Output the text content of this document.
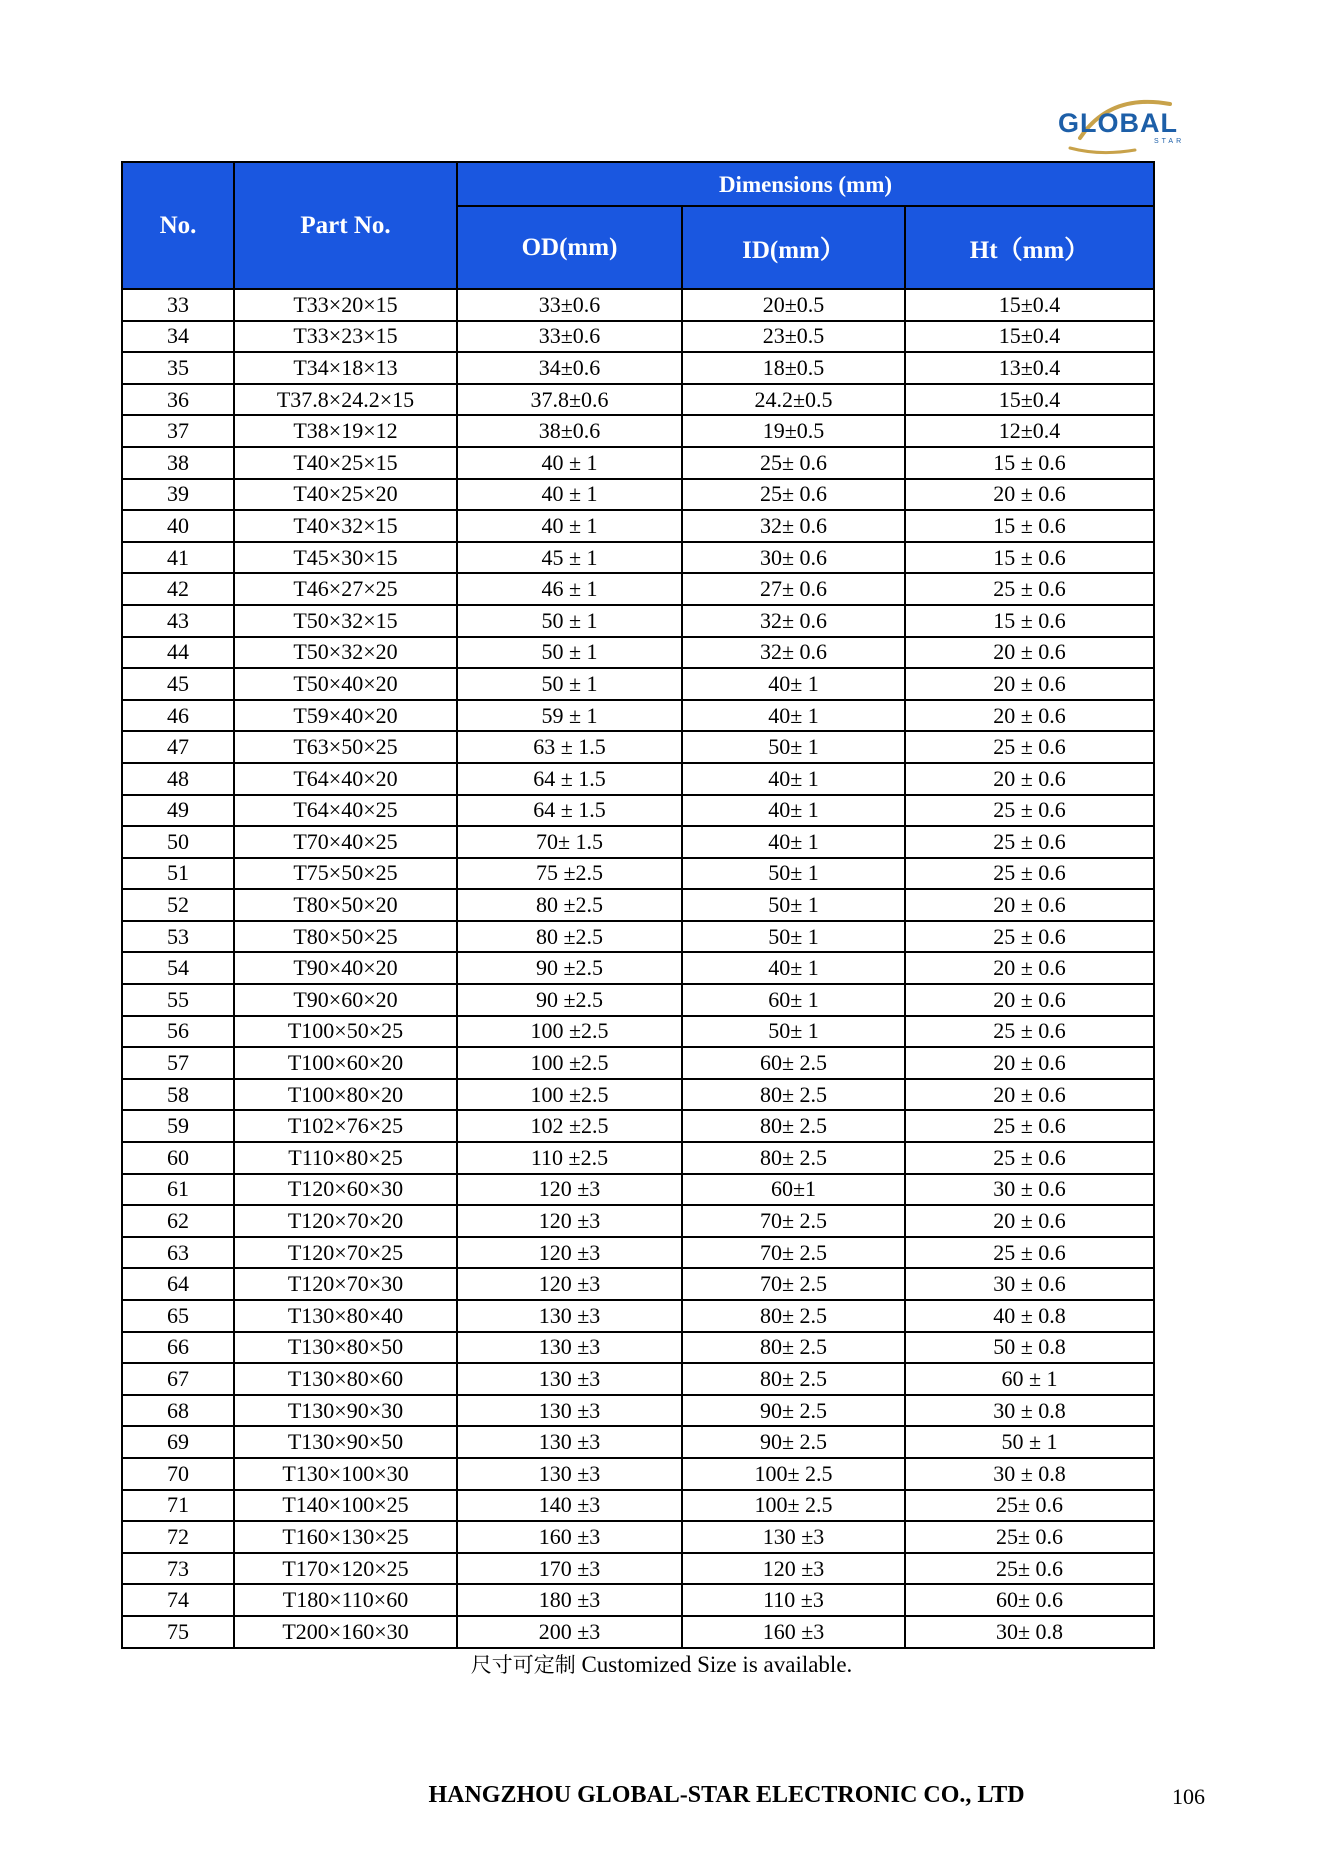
GLOBAL
STAR
No.	Part No.	Dimensions (mm)		
		OD(mm)	ID(mm）	Ht（mm）
33	T33×20×15	33±0.6	20±0.5	15±0.4
34	T33×23×15	33±0.6	23±0.5	15±0.4
35	T34×18×13	34±0.6	18±0.5	13±0.4
36	T37.8×24.2×15	37.8±0.6	24.2±0.5	15±0.4
37	T38×19×12	38±0.6	19±0.5	12±0.4
38	T40×25×15	40 ± 1	25± 0.6	15 ± 0.6
39	T40×25×20	40 ± 1	25± 0.6	20 ± 0.6
40	T40×32×15	40 ± 1	32± 0.6	15 ± 0.6
41	T45×30×15	45 ± 1	30± 0.6	15 ± 0.6
42	T46×27×25	46 ± 1	27± 0.6	25 ± 0.6
43	T50×32×15	50 ± 1	32± 0.6	15 ± 0.6
44	T50×32×20	50 ± 1	32± 0.6	20 ± 0.6
45	T50×40×20	50 ± 1	40± 1	20 ± 0.6
46	T59×40×20	59 ± 1	40± 1	20 ± 0.6
47	T63×50×25	63 ± 1.5	50± 1	25 ± 0.6
48	T64×40×20	64 ± 1.5	40± 1	20 ± 0.6
49	T64×40×25	64 ± 1.5	40± 1	25 ± 0.6
50	T70×40×25	70± 1.5	40± 1	25 ± 0.6
51	T75×50×25	75 ±2.5	50± 1	25 ± 0.6
52	T80×50×20	80 ±2.5	50± 1	20 ± 0.6
53	T80×50×25	80 ±2.5	50± 1	25 ± 0.6
54	T90×40×20	90 ±2.5	40± 1	20 ± 0.6
55	T90×60×20	90 ±2.5	60± 1	20 ± 0.6
56	T100×50×25	100 ±2.5	50± 1	25 ± 0.6
57	T100×60×20	100 ±2.5	60± 2.5	20 ± 0.6
58	T100×80×20	100 ±2.5	80± 2.5	20 ± 0.6
59	T102×76×25	102 ±2.5	80± 2.5	25 ± 0.6
60	T110×80×25	110 ±2.5	80± 2.5	25 ± 0.6
61	T120×60×30	120 ±3	60±1	30 ± 0.6
62	T120×70×20	120 ±3	70± 2.5	20 ± 0.6
63	T120×70×25	120 ±3	70± 2.5	25 ± 0.6
64	T120×70×30	120 ±3	70± 2.5	30 ± 0.6
65	T130×80×40	130 ±3	80± 2.5	40 ± 0.8
66	T130×80×50	130 ±3	80± 2.5	50 ± 0.8
67	T130×80×60	130 ±3	80± 2.5	60 ± 1
68	T130×90×30	130 ±3	90± 2.5	30 ± 0.8
69	T130×90×50	130 ±3	90± 2.5	50 ± 1
70	T130×100×30	130 ±3	100± 2.5	30 ± 0.8
71	T140×100×25	140 ±3	100± 2.5	25± 0.6
72	T160×130×25	160 ±3	130 ±3	25± 0.6
73	T170×120×25	170 ±3	120 ±3	25± 0.6
74	T180×110×60	180 ±3	110 ±3	60± 0.6
75	T200×160×30	200 ±3	160 ±3	30± 0.8
尺寸可定制 Customized Size is available.
HANGZHOU GLOBAL-STAR ELECTRONIC CO., LTD	106
